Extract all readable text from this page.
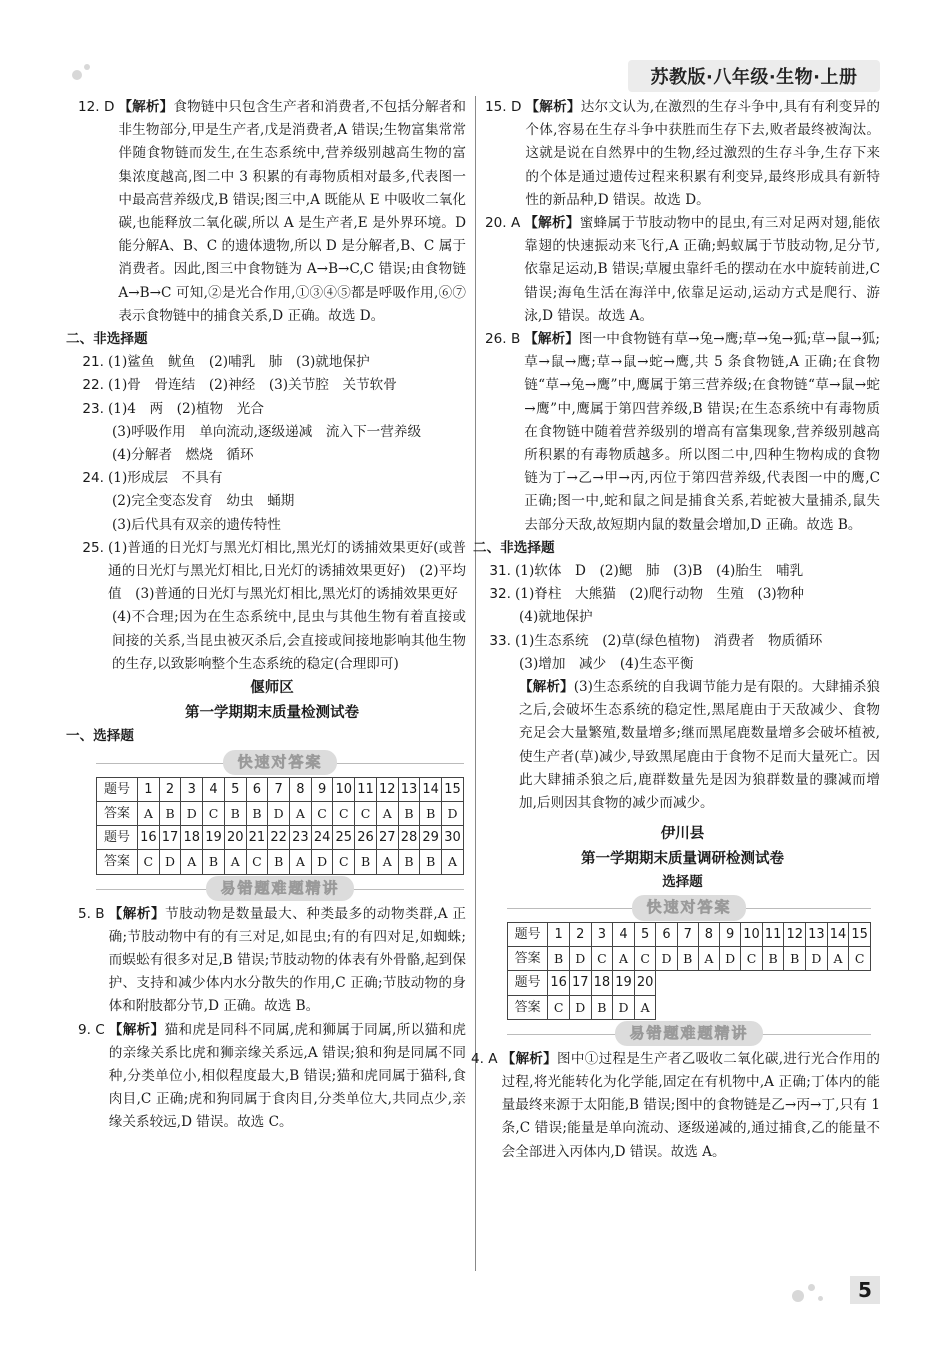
苏教版·八年级·生物·上册
12. D 【解析】食物链中只包含生产者和消费者,不包括分解者和非生物部分,甲是生产者,戊是消费者,A 错误;生物富集常常伴随食物链而发生,在生态系统中,营养级别越高生物的富集浓度越高,图二中 3 积累的有毒物质相对最多,代表图一中最高营养级戊,B 错误;图三中,A 既能从 E 中吸收二氧化碳,也能释放二氧化碳,所以 A 是生产者,E 是外界环境。D 能分解A、B、C 的遗体遗物,所以 D 是分解者,B、C 属于消费者。因此,图三中食物链为 A→B→C,C 错误;由食物链 A→B→C 可知,②是光合作用,①③④⑤都是呼吸作用,⑥⑦表示食物链中的捕食关系,D 正确。故选 D。
二、非选择题
21. (1)鲨鱼　鱿鱼　(2)哺乳　肺　(3)就地保护
22. (1)骨　骨连结　(2)神经　(3)关节腔　关节软骨
23. (1)4　两　(2)植物　光合
(3)呼吸作用　单向流动,逐级递减　流入下一营养级
(4)分解者　燃烧　循环
24. (1)形成层　不具有
(2)完全变态发育　幼虫　蛹期
(3)后代具有双亲的遗传特性
25. (1)普通的日光灯与黑光灯相比,黑光灯的诱捕效果更好(或普通的日光灯与黑光灯相比,日光灯的诱捕效果更好)　(2)平均值　(3)普通的日光灯与黑光灯相比,黑光灯的诱捕效果更好
(4)不合理;因为在生态系统中,昆虫与其他生物有着直接或间接的关系,当昆虫被灭杀后,会直接或间接地影响其他生物的生存,以致影响整个生态系统的稳定(合理即可)
偃师区
第一学期期末质量检测试卷
一、选择题
快速对答案
题号	1	2	3	4	5	6	7	8	9	10	11	12	13	14	15
答案	A	B	D	C	B	B	D	A	C	C	C	A	B	B	D
题号	16	17	18	19	20	21	22	23	24	25	26	27	28	29	30
答案	C	D	A	B	A	C	B	A	D	C	B	A	B	B	A
易错题难题精讲
5. B 【解析】节肢动物是数量最大、种类最多的动物类群,A 正确;节肢动物中有的有三对足,如昆虫;有的有四对足,如蜘蛛;而蜈蚣有很多对足,B 错误;节肢动物的体表有外骨骼,起到保护、支持和减少体内水分散失的作用,C 正确;节肢动物的身体和附肢都分节,D 正确。故选 B。
9. C 【解析】猫和虎是同科不同属,虎和狮属于同属,所以猫和虎的亲缘关系比虎和狮亲缘关系远,A 错误;狼和狗是同属不同种,分类单位小,相似程度最大,B 错误;猫和虎同属于猫科,食肉目,C 正确;虎和狗同属于食肉目,分类单位大,共同点少,亲缘关系较远,D 错误。故选 C。
15. D 【解析】达尔文认为,在激烈的生存斗争中,具有有利变异的个体,容易在生存斗争中获胜而生存下去,败者最终被淘汰。这就是说在自然界中的生物,经过激烈的生存斗争,生存下来的个体是通过遗传过程来积累有利变异,最终形成具有新特性的新品种,D 错误。故选 D。
20. A 【解析】蜜蜂属于节肢动物中的昆虫,有三对足两对翅,能依靠翅的快速振动来飞行,A 正确;蚂蚁属于节肢动物,足分节,依靠足运动,B 错误;草履虫靠纤毛的摆动在水中旋转前进,C 错误;海龟生活在海洋中,依靠足运动,运动方式是爬行、游泳,D 错误。故选 A。
26. B 【解析】图一中食物链有草→兔→鹰;草→兔→狐;草→鼠→狐;草→鼠→鹰;草→鼠→蛇→鹰,共 5 条食物链,A 正确;在食物链“草→兔→鹰”中,鹰属于第三营养级;在食物链“草→鼠→蛇→鹰”中,鹰属于第四营养级,B 错误;在生态系统中有毒物质在食物链中随着营养级别的增高有富集现象,营养级别越高所积累的有毒物质越多。所以图二中,四种生物构成的食物链为丁→乙→甲→丙,丙位于第四营养级,代表图一中的鹰,C 正确;图一中,蛇和鼠之间是捕食关系,若蛇被大量捕杀,鼠失去部分天敌,故短期内鼠的数量会增加,D 正确。故选 B。
二、非选择题
31. (1)软体　D　(2)鳃　肺　(3)B　(4)胎生　哺乳
32. (1)脊柱　大熊猫　(2)爬行动物　生殖　(3)物种
(4)就地保护
33. (1)生态系统　(2)草(绿色植物)　消费者　物质循环
(3)增加　减少　(4)生态平衡
【解析】(3)生态系统的自我调节能力是有限的。大肆捕杀狼之后,会破坏生态系统的稳定性,黑尾鹿由于天敌减少、食物充足会大量繁殖,数量增多;继而黑尾鹿数量增多会破坏植被,使生产者(草)减少,导致黑尾鹿由于食物不足而大量死亡。因此大肆捕杀狼之后,鹿群数量先是因为狼群数量的骤减而增加,后则因其食物的减少而减少。
伊川县
第一学期期末质量调研检测试卷
选择题
快速对答案
题号	1	2	3	4	5	6	7	8	9	10	11	12	13	14	15
答案	B	D	C	A	C	D	B	A	D	C	B	B	D	A	C
题号	16	17	18	19	20										
答案	C	D	B	D	A										
易错题难题精讲
4. A 【解析】图中①过程是生产者乙吸收二氧化碳,进行光合作用的过程,将光能转化为化学能,固定在有机物中,A 正确;丁体内的能量最终来源于太阳能,B 错误;图中的食物链是乙→丙→丁,只有 1 条,C 错误;能量是单向流动、逐级递减的,通过捕食,乙的能量不会全部进入丙体内,D 错误。故选 A。
5
